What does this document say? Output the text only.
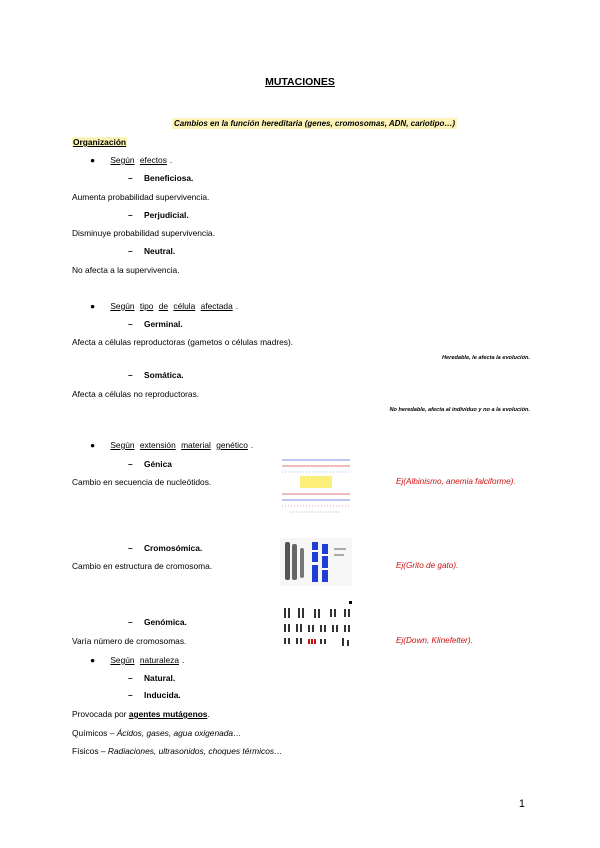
MUTACIONES
Cambios en la función hereditaria (genes, cromosomas, ADN, cariotipo…)
Organización
● Según efectos .
– Beneficiosa.
Aumenta probabilidad supervivencia.
– Perjudicial.
Disminuye probabilidad supervivencia.
– Neutral.
No afecta a la supervivencia.
● Según tipo de célula afectada .
– Germinal.
Afecta a células reproductoras (gametos o células madres).
Heredable, le afecta la evolución.
– Somática.
Afecta a células no reproductoras.
No heredable, afecta al individuo y no a la evolución.
● Según extensión material genético .
– Génica
Cambio en secuencia de nucleótidos.	Ej(Albinismo, anemia falciforme).
– Cromosómica.
Cambio en estructura de cromosoma.	Ej(Grito de gato).
– Genómica.
Varía número de cromosomas.	Ej(Down, Klinefelter).
● Según naturaleza .
– Natural.
– Inducida.
Provocada por agentes mutágenos.
Químicos – Ácidos, gases, agua oxigenada…
Físicos – Radiaciones, ultrasonidos, choques térmicos…
1
